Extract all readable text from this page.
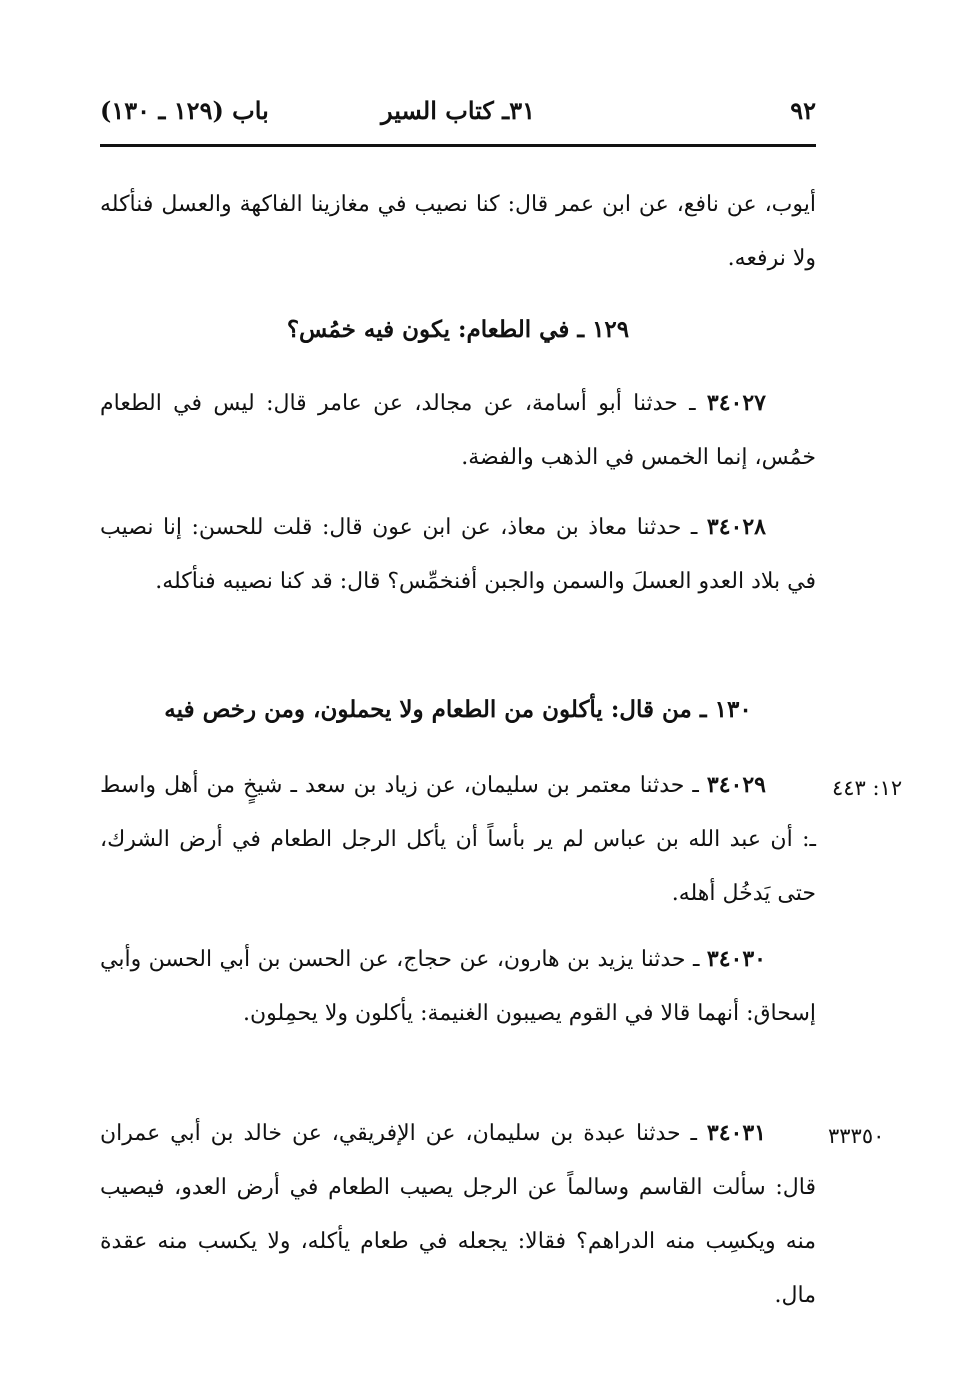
٩٢
٣١ـ كتاب السير
باب (١٢٩ ـ ١٣٠)

أيوب، عن نافع، عن ابن عمر قال: كنا نصيب في مغازينا الفاكهة والعسل فنأكله ولا نرفعه.

١٢٩ ـ في الطعام: يكون فيه خمُس؟

٣٤٠٢٧ ـ حدثنا أبو أسامة، عن مجالد، عن عامر قال: ليس في الطعام خمُس، إنما الخمس في الذهب والفضة.

٣٤٠٢٨ ـ حدثنا معاذ بن معاذ، عن ابن عون قال: قلت للحسن: إنا نصيب في بلاد العدو العسلَ والسمن والجبن أفنخمِّس؟ قال: قد كنا نصيبه فنأكله.

١٣٠ ـ من قال: يأكلون من الطعام ولا يحملون، ومن رخص فيه
١٢: ٤٤٣

٣٤٠٢٩ ـ حدثنا معتمر بن سليمان، عن زياد بن سعد ـ شيخٍ من أهل واسط ـ: أن عبد الله بن عباس لم ير بأساً أن يأكل الرجل الطعام في أرض الشرك، حتى يَدخُل أهله.

٣٤٠٣٠ ـ حدثنا يزيد بن هارون، عن حجاج، عن الحسن بن أبي الحسن وأبي إسحاق: أنهما قالا في القوم يصيبون الغنيمة: يأكلون ولا يحمِلون.

٣٣٣٥٠

٣٤٠٣١ ـ حدثنا عبدة بن سليمان، عن الإفريقي، عن خالد بن أبي عمران قال: سألت القاسم وسالماً عن الرجل يصيب الطعام في أرض العدو، فيصيب منه ويكسِب منه الدراهم؟ فقالا: يجعله في طعام يأكله، ولا يكسب منه عقدة مال.
